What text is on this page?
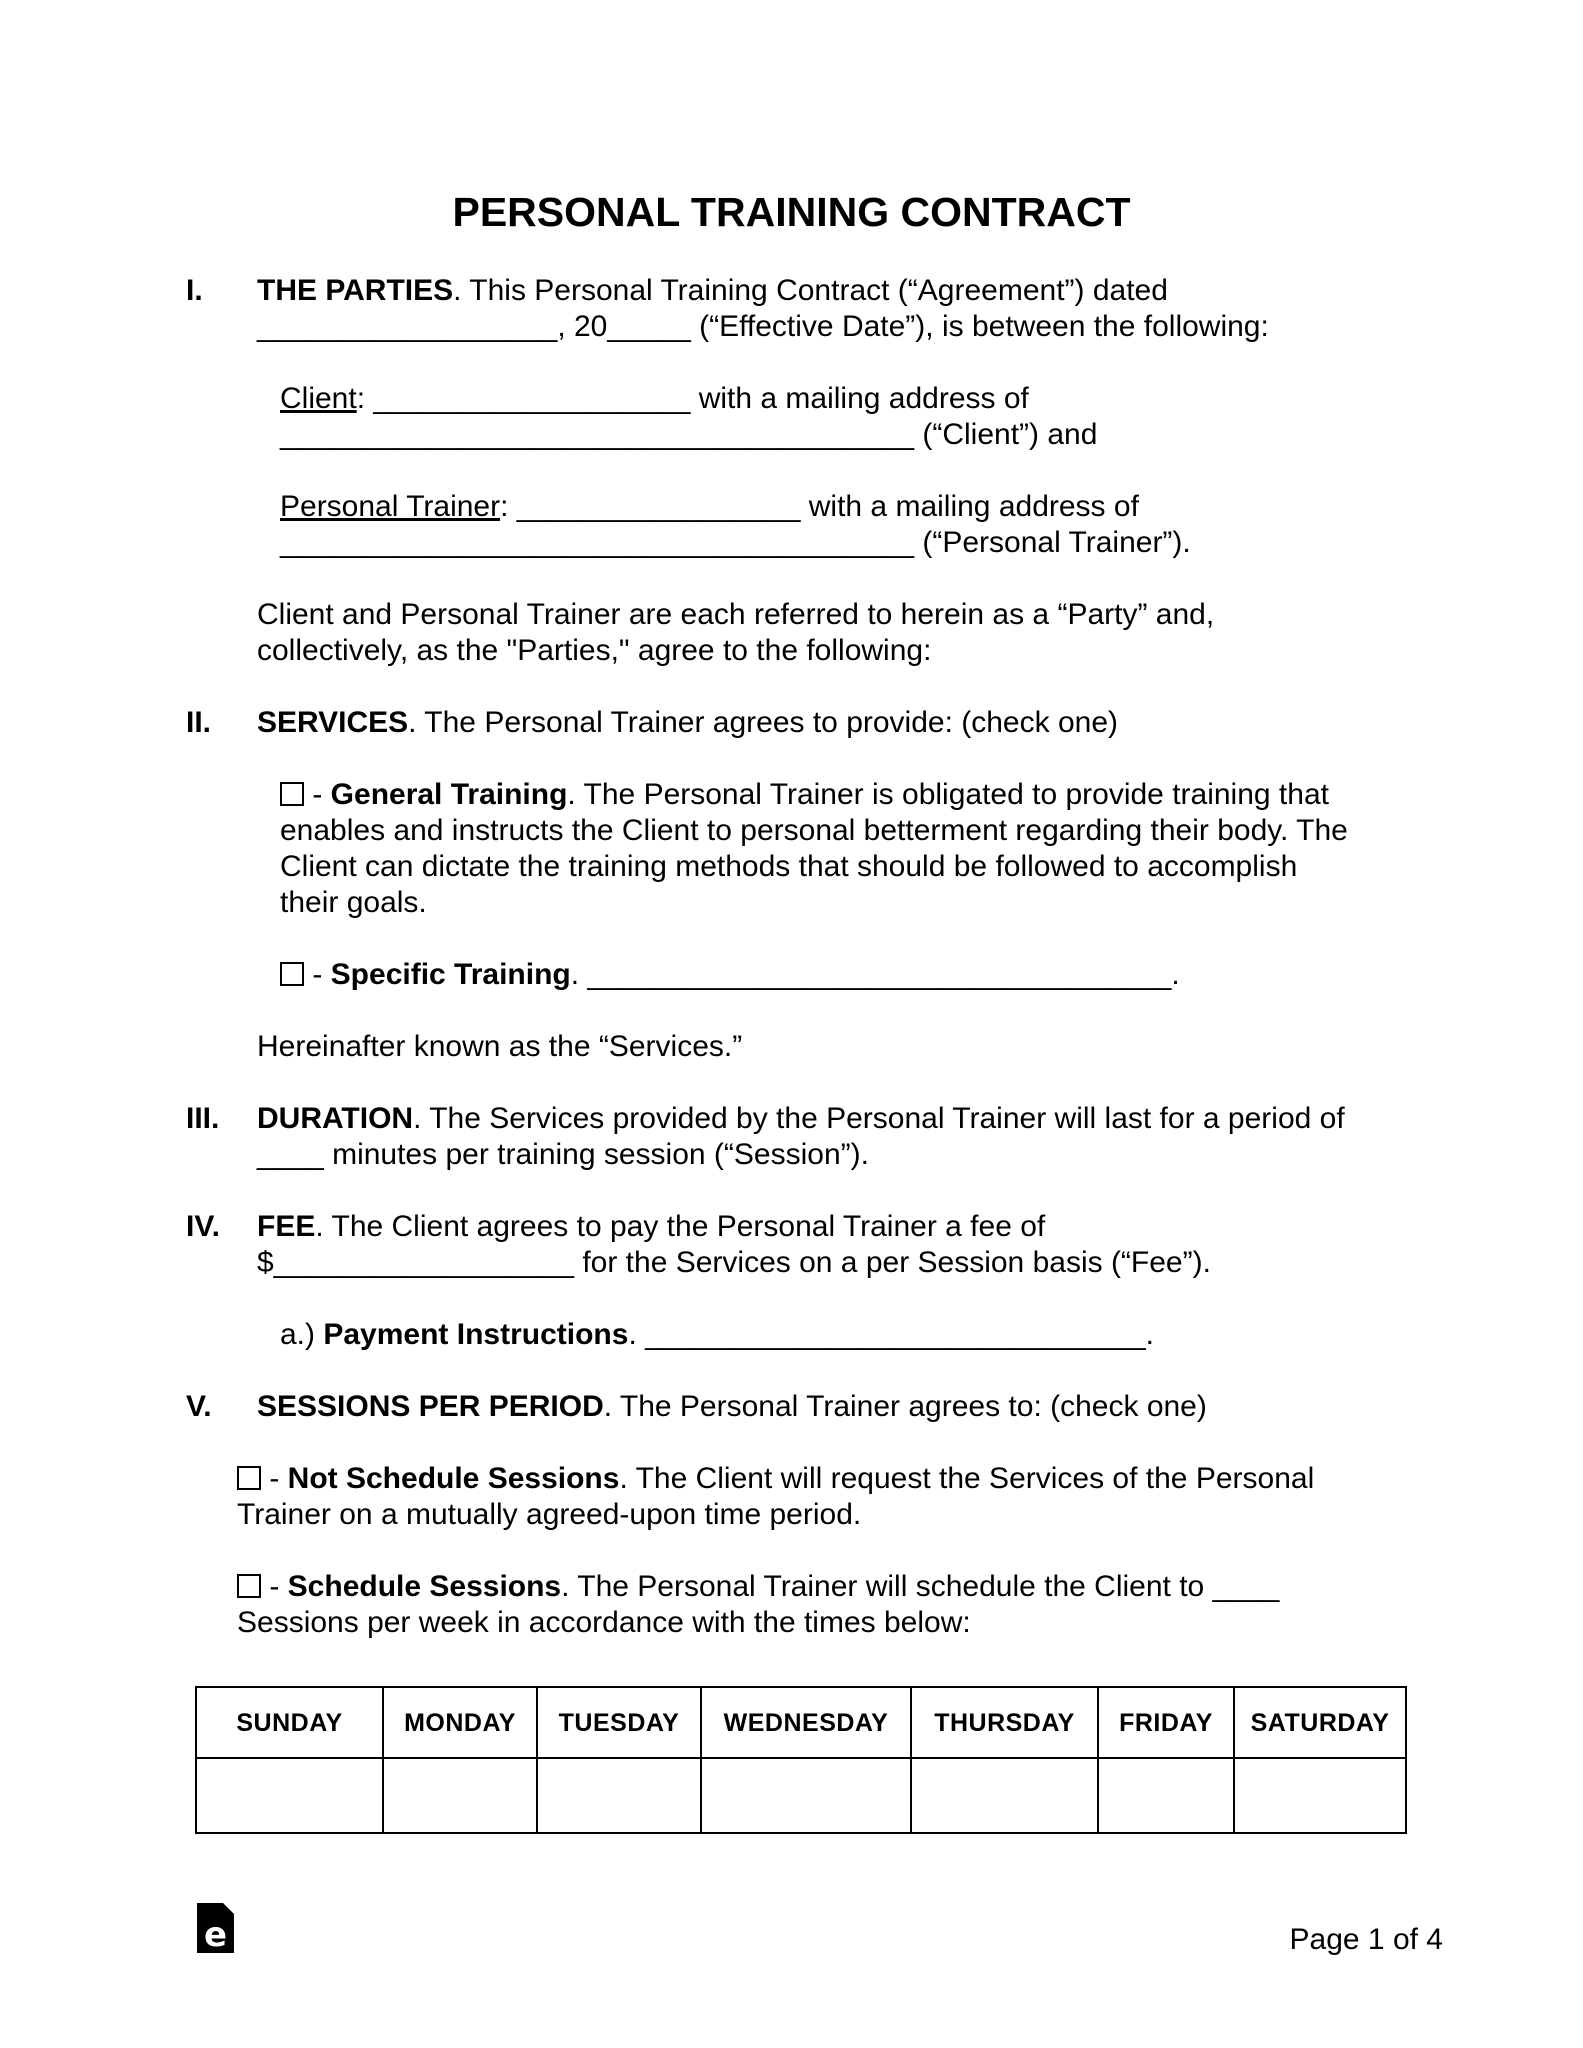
PERSONAL TRAINING CONTRACT
I.	THE PARTIES. This Personal Training Contract (“Agreement”) dated
__________________, 20_____ (“Effective Date”), is between the following:
Client: ___________________ with a mailing address of
______________________________________ (“Client”) and
Personal Trainer: _________________ with a mailing address of
______________________________________ (“Personal Trainer”).
Client and Personal Trainer are each referred to herein as a “Party” and,
collectively, as the "Parties," agree to the following:
II.	SERVICES. The Personal Trainer agrees to provide: (check one)
- General Training. The Personal Trainer is obligated to provide training that
enables and instructs the Client to personal betterment regarding their body. The
Client can dictate the training methods that should be followed to accomplish
their goals.
- Specific Training. ___________________________________.
Hereinafter known as the “Services.”
III.	DURATION. The Services provided by the Personal Trainer will last for a period of
____ minutes per training session (“Session”).
IV.	FEE. The Client agrees to pay the Personal Trainer a fee of
$__________________ for the Services on a per Session basis (“Fee”).
a.) Payment Instructions. ______________________________.
V.	SESSIONS PER PERIOD. The Personal Trainer agrees to: (check one)
- Not Schedule Sessions. The Client will request the Services of the Personal
Trainer on a mutually agreed-upon time period.
- Schedule Sessions. The Personal Trainer will schedule the Client to ____
Sessions per week in accordance with the times below:
SUNDAY	MONDAY	TUESDAY	WEDNESDAY	THURSDAY	FRIDAY	SATURDAY

e	Page 1 of 4
